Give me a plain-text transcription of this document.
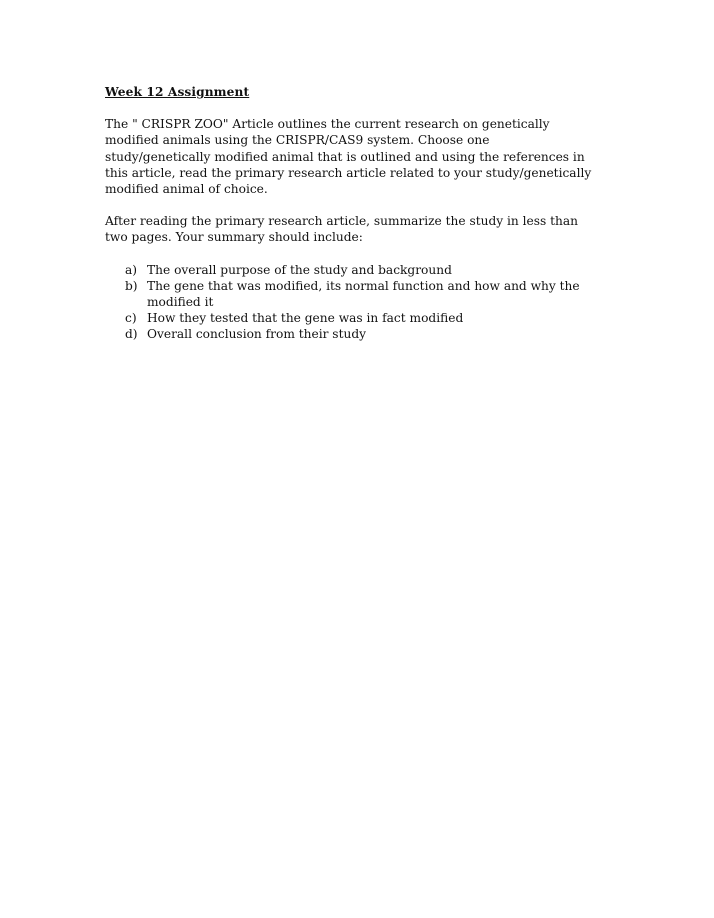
Week 12 Assignment

The " CRISPR ZOO" Article outlines the current research on genetically modified animals using the CRISPR/CAS9 system. Choose one study/genetically modified animal that is outlined and using the references in this article, read the primary research article related to your study/genetically modified animal of choice.

After reading the primary research article, summarize the study in less than two pages. Your summary should include:

a) The overall purpose of the study and background
b) The gene that was modified, its normal function and how and why the modified it
c) How they tested that the gene was in fact modified
d) Overall conclusion from their study
